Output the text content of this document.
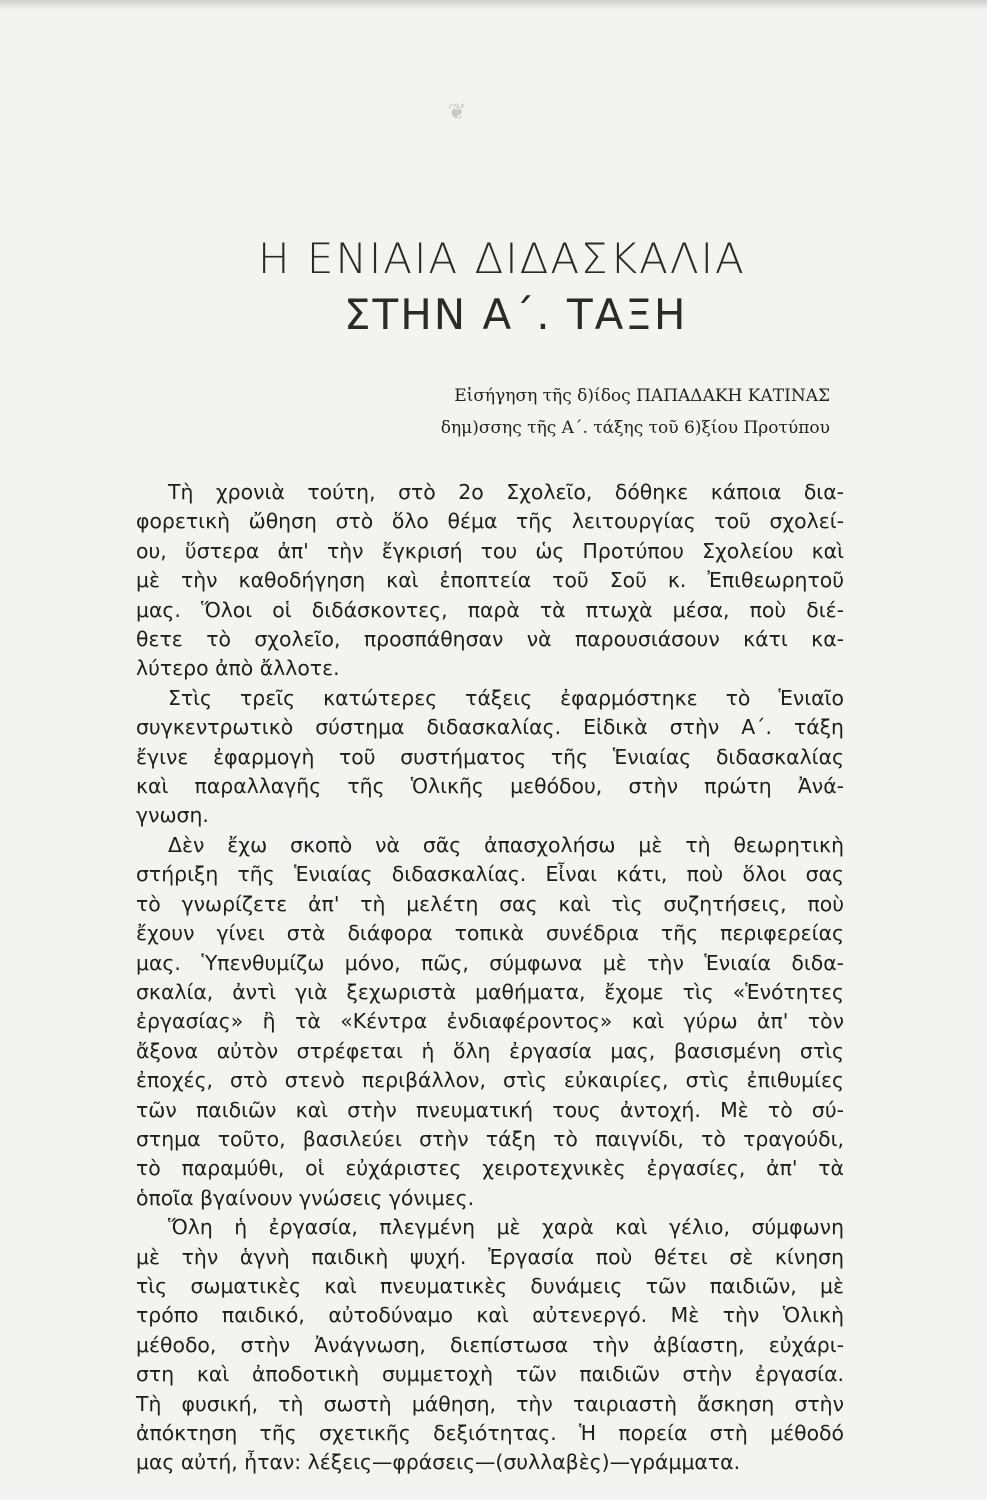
❦
Η ΕΝΙΑΙΑ ΔΙΔΑΣΚΑΛΙΑ
ΣΤΗΝ Α΄. ΤΑΞΗ
Εἰσήγηση τῆς δ)ίδος ΠΑΠΑΔΑΚΗ ΚΑΤΙΝΑΣ
δημ)σσης τῆς Α΄. τάξης τοῦ 6)ξίου Προτύπου

Τὴ χρονιὰ τούτη, στὸ 2ο Σχολεῖο, δόθηκε κάποια δια-
φορετικὴ ὤθηση στὸ ὅλο θέμα τῆς λειτουργίας τοῦ σχολεί-
ου, ὕστερα ἀπ' τὴν ἔγκρισή του ὡς Προτύπου Σχολείου καὶ
μὲ τὴν καθοδήγηση καὶ ἐποπτεία τοῦ Σοῦ κ. Ἐπιθεωρητοῦ
μας. Ὅλοι οἱ διδάσκοντες, παρὰ τὰ πτωχὰ μέσα, ποὺ διέ-
θετε τὸ σχολεῖο, προσπάθησαν νὰ παρουσιάσουν κάτι κα-
λύτερο ἀπὸ ἄλλοτε.

Στὶς τρεῖς κατώτερες τάξεις ἐφαρμόστηκε τὸ Ἑνιαῖο
συγκεντρωτικὸ σύστημα διδασκαλίας. Εἰδικὰ στὴν Α΄. τάξη
ἔγινε ἐφαρμογὴ τοῦ συστήματος τῆς Ἑνιαίας διδασκαλίας
καὶ παραλλαγῆς τῆς Ὁλικῆς μεθόδου, στὴν πρώτη Ἀνά-
γνωση.

Δὲν ἔχω σκοπὸ νὰ σᾶς ἀπασχολήσω μὲ τὴ θεωρητικὴ
στήριξη τῆς Ἑνιαίας διδασκαλίας. Εἶναι κάτι, ποὺ ὅλοι σας
τὸ γνωρίζετε ἀπ' τὴ μελέτη σας καὶ τὶς συζητήσεις, ποὺ
ἔχουν γίνει στὰ διάφορα τοπικὰ συνέδρια τῆς περιφερείας
μας. Ὑπενθυμίζω μόνο, πῶς, σύμφωνα μὲ τὴν Ἑνιαία διδα-
σκαλία, ἀντὶ γιὰ ξεχωριστὰ μαθήματα, ἔχομε τὶς «Ἑνότητες
ἐργασίας» ἢ τὰ «Κέντρα ἐνδιαφέροντος» καὶ γύρω ἀπ' τὸν
ἄξονα αὐτὸν στρέφεται ἡ ὅλη ἐργασία μας, βασισμένη στὶς
ἐποχές, στὸ στενὸ περιβάλλον, στὶς εὐκαιρίες, στὶς ἐπιθυμίες
τῶν παιδιῶν καὶ στὴν πνευματική τους ἀντοχή. Μὲ τὸ σύ-
στημα τοῦτο, βασιλεύει στὴν τάξη τὸ παιγνίδι, τὸ τραγούδι,
τὸ παραμύθι, οἱ εὐχάριστες χειροτεχνικὲς ἐργασίες, ἀπ' τὰ
ὁποῖα βγαίνουν γνώσεις γόνιμες.

Ὅλη ἡ ἐργασία, πλεγμένη μὲ χαρὰ καὶ γέλιο, σύμφωνη
μὲ τὴν ἁγνὴ παιδικὴ ψυχή. Ἐργασία ποὺ θέτει σὲ κίνηση
τὶς σωματικὲς καὶ πνευματικὲς δυνάμεις τῶν παιδιῶν, μὲ
τρόπο παιδικό, αὐτοδύναμο καὶ αὐτενεργό. Μὲ τὴν Ὁλικὴ
μέθοδο, στὴν Ἀνάγνωση, διεπίστωσα τὴν ἀβίαστη, εὐχάρι-
στη καὶ ἀποδοτικὴ συμμετοχὴ τῶν παιδιῶν στὴν ἐργασία.
Τὴ φυσική, τὴ σωστὴ μάθηση, τὴν ταιριαστὴ ἄσκηση στὴν
ἀπόκτηση τῆς σχετικῆς δεξιότητας. Ἡ πορεία στὴ μέθοδό
μας αὐτή, ἦταν: λέξεις—φράσεις—(συλλαβὲς)—γράμματα.
